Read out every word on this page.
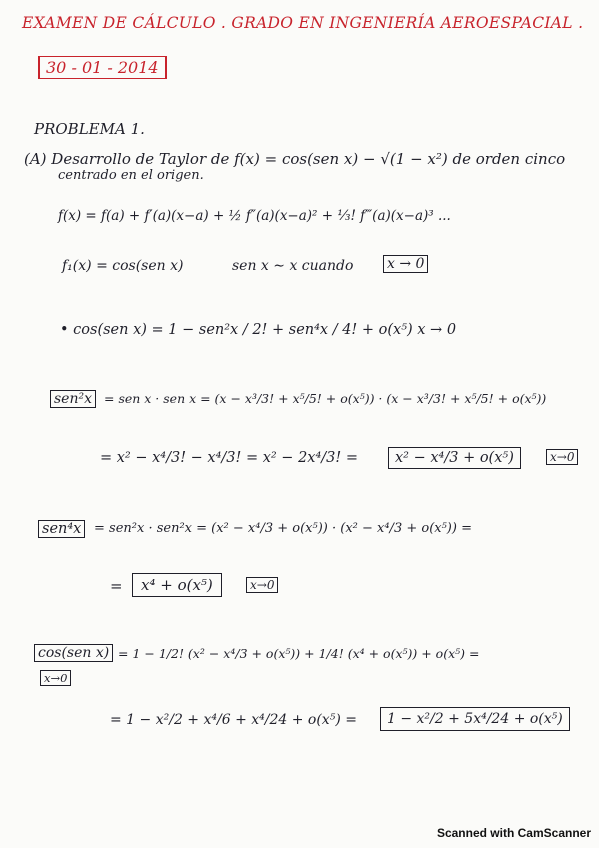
EXAMEN DE CÁLCULO . GRADO EN INGENIERÍA AEROESPACIAL .
30 - 01 - 2014
PROBLEMA 1.
(A) Desarrollo de Taylor de f(x) = cos(sen x) − √(1 − x²) de orden cinco
centrado en el origen.
f(x) = f(a) + f′(a)(x−a) + ½ f″(a)(x−a)² + ⅓! f‴(a)(x−a)³ ...
f₁(x) = cos(sen x)	sen x ∼ x cuando x → 0
• cos(sen x) = 1 − sen²x / 2! + sen⁴x / 4! + o(x⁵) x → 0
sen²x = sen x · sen x = (x − x³/3! + x⁵/5! + o(x⁵)) · (x − x³/3! + x⁵/5! + o(x⁵))
= x² − x⁴/3! − x⁴/3! = x² − 2x⁴/3! =	x² − x⁴/3 + o(x⁵)	x→0
sen⁴x = sen²x · sen²x = (x² − x⁴/3 + o(x⁵)) · (x² − x⁴/3 + o(x⁵)) =
=	x⁴ + o(x⁵)	x→0
cos(sen x)
x→0
= 1 − 1/2! (x² − x⁴/3 + o(x⁵)) + 1/4! (x⁴ + o(x⁵)) + o(x⁵) =
= 1 − x²/2 + x⁴/6 + x⁴/24 + o(x⁵) =	1 − x²/2 + 5x⁴/24 + o(x⁵)
Scanned with CamScanner
